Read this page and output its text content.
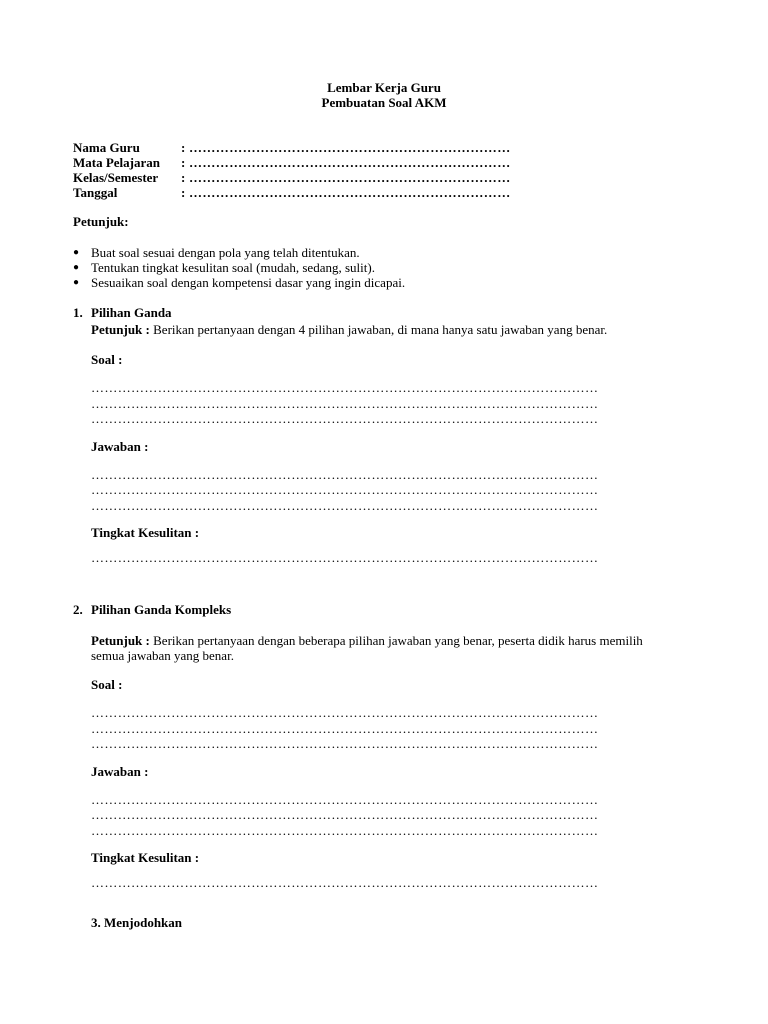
Lembar Kerja Guru
Pembuatan Soal AKM
Nama Guru	: ………………………………………………………………
Mata Pelajaran	: ………………………………………………………………
Kelas/Semester	: ………………………………………………………………
Tanggal	: ………………………………………………………………
Petunjuk:
● Buat soal sesuai dengan pola yang telah ditentukan.
● Tentukan tingkat kesulitan soal (mudah, sedang, sulit).
● Sesuaikan soal dengan kompetensi dasar yang ingin dicapai.
1. Pilihan Ganda
Petunjuk : Berikan pertanyaan dengan 4 pilihan jawaban, di mana hanya satu jawaban yang benar.
Soal :
……………………………………………………………………………………………………
……………………………………………………………………………………………………
……………………………………………………………………………………………………
Jawaban :
……………………………………………………………………………………………………
……………………………………………………………………………………………………
……………………………………………………………………………………………………
Tingkat Kesulitan :
……………………………………………………………………………………………………
2. Pilihan Ganda Kompleks
Petunjuk : Berikan pertanyaan dengan beberapa pilihan jawaban yang benar, peserta didik harus memilih semua jawaban yang benar.
Soal :
……………………………………………………………………………………………………
……………………………………………………………………………………………………
……………………………………………………………………………………………………
Jawaban :
……………………………………………………………………………………………………
……………………………………………………………………………………………………
……………………………………………………………………………………………………
Tingkat Kesulitan :
……………………………………………………………………………………………………
3. Menjodohkan
